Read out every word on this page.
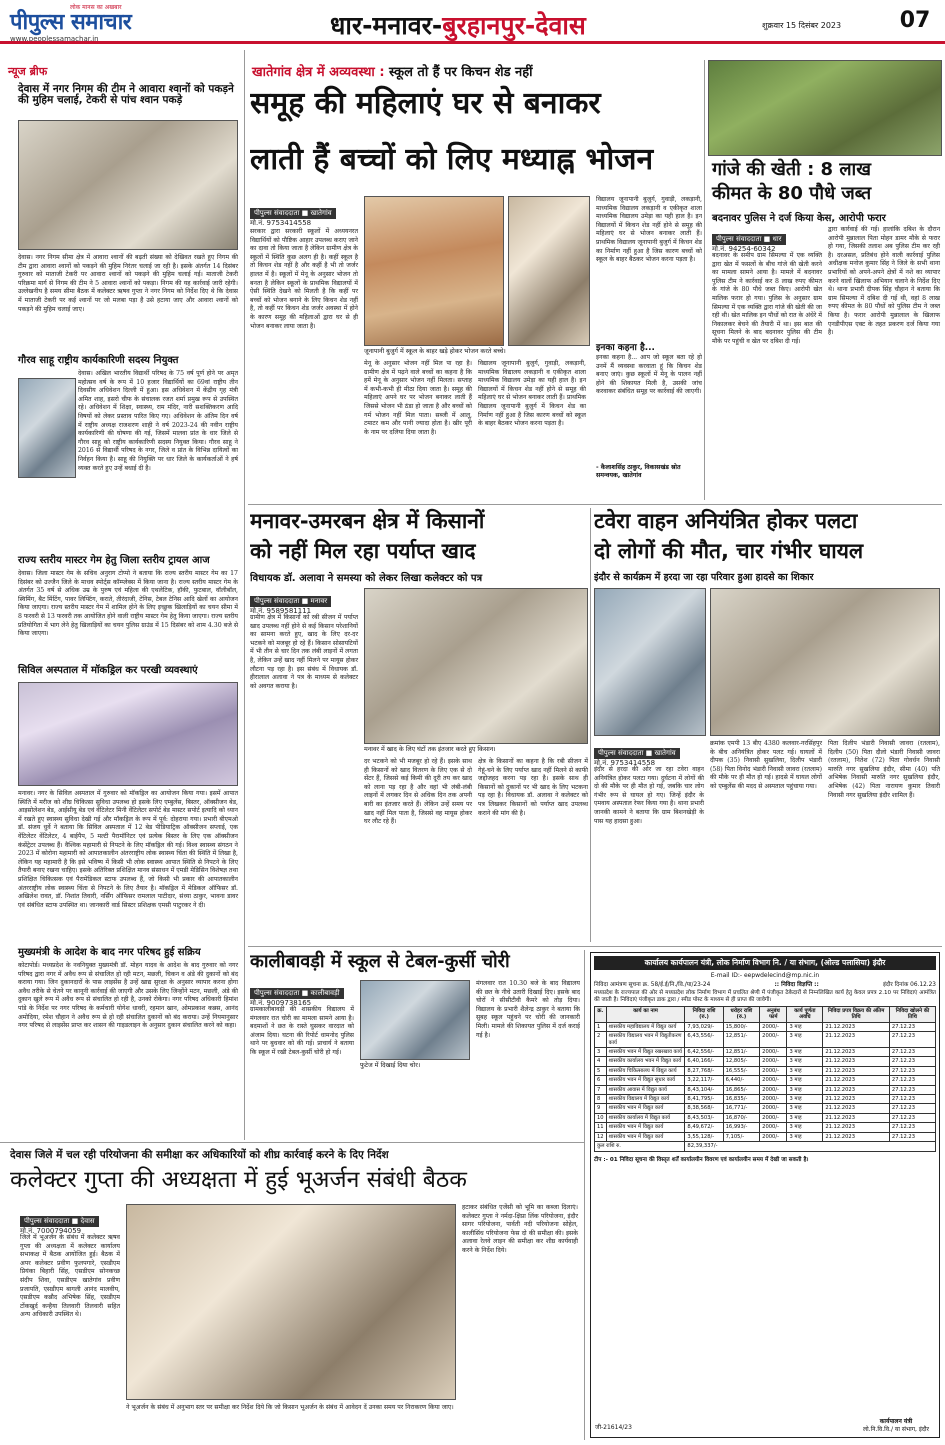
लोक मानस का अखबार
पीपुल्स समाचार
www.peoplessamachar.in	धार-मनावर-बुरहानपुर-देवास	शुक्रवार 15 दिसंबर 2023	07
न्यूज ब्रीफ
देवास में नगर निगम की टीम ने आवारा श्वानों को पकड़ने की मुहिम चलाई, टेकरी से पांच श्वान पकड़े
देवास। नगर निगम सीमा क्षेत्र में आवारा श्वानों की बढ़ती संख्या को देखिवत रखते हुए निगम की टीम द्वारा आवारा श्वानों को पकड़ने की मुहिम निरंतर चलाई जा रही है। इसके अंतर्गत 14 दिसंबर गुरुवार को माताजी टेकरी पर आवारा श्वानों को पकड़ने की मुहिम चलाई गई। माताजी टेकरी परिक्रमा मार्ग से निगम की टीम ने 5 आवारा श्वानों को पकड़ा। निगम की यह कार्रवाई जारी रहेगी। उल्लेखनीय है समय सीमा बैठक में कलेक्टर ऋषव गुप्ता ने नगर निगम को निर्देश दिए थे कि देवास में माताजी टेकरी पर कई श्वानों पर जो मलबा पड़ा है उसे हटाया जाए और आवारा श्वानों को पकड़ने की मुहिम चलाई जाए।
गौरव साहू राष्ट्रीय कार्यकारिणी सदस्य नियुक्त
देवास। अखिल भारतीय विद्यार्थी परिषद के 75 वर्ष पूर्ण होने पर अमृत महोत्सव वर्ष के रूप में 10 हजार विद्यार्थियों का 69वां राष्ट्रीय तीन दिवसीय अधिवेशन दिल्ली में हुआ। इस अधिवेशन में केंद्रीय गृह मंत्री अमित शाह, इसरो चीफ के संचालक रजत शर्मा प्रमुख रूप से उपस्थित रहे। अधिवेशन में शिक्षा, स्वास्थ्य, राम मंदिर, नारी सशक्तिकरण आदि विषयों को लेकर प्रस्ताव पारित किए गए। अधिवेशन के अंतिम दिन वर्ष में राष्ट्रीय अध्यक्ष राजशरण शाही ने वर्ष 2023-24 की नवीन राष्ट्रीय कार्यकारिणी की घोषणा की गई, जिसमें मालवा प्रांत के धार जिले से गौरव साहू को राष्ट्रीय कार्यकारिणी सदस्य नियुक्त किया। गौरव साहू ने 2016 से विद्यार्थी परिषद के नगर, जिले व प्रांत के विभिन्न दायित्वों का निर्वहन किया है। साहू की नियुक्ति पर धार जिले के कार्यकर्ताओं ने हर्ष व्यक्त करते हुए उन्हें बधाई दी है।
राज्य स्तरीय मास्टर गेम हेतु जिला स्तरीय ट्रायल आज
देवास। जिला मास्टर गेम के सचिव अनुराग टोप्पो ने बताया कि राज्य स्तरीय मास्टर गेम का 17 दिसंबर को उज्जैन जिले के माधव स्पोर्ट्स कॉम्प्लेक्स में किया जाना है। राज्य स्तरीय मास्टर गेम के अंतर्गत 35 वर्ष से अधिक उम्र के पुरुष एवं महिला की एथलेटिक, हॉकी, फुटबाल, वॉलीबॉल, स्विमिंग, बैट मिंटिंग, पावर लिफ्टिंग, कराते, तीरंदाजी, टेनिस, टेबल टेनिस आदि खेलों का आयोजन किया जाएगा। राज्य स्तरीय मास्टर गेम में शामिल होने के लिए इच्छुक खिलाड़ियों का चयन सीमा में 8 फरवरी से 13 फरवरी तक आयोजित होने वाली राष्ट्रीय मास्टर गेम हेतु किया जाएगा। राज्य स्तरीय प्रतियोगिता में भाग लेने हेतु खिलाड़ियों का चयन पुलिस ग्राउंड में 15 दिसंबर को शाम 4.30 बजे से किया जाएगा।
सिविल अस्पताल में मॉकड्रिल कर परखी व्यवस्थाएं
मनावर। नगर के सिविल अस्पताल में गुरुवार को मॉकड्रिल का आयोजन किया गया। इसमें आपात स्थिति में मरीज को शीघ्र चिकित्सा सुविधा उपलब्ध हो इसके लिए एम्बुलेंस, बिस्तर, ऑक्सीजन बेड, आइसोलेशन बेड, आईसीयू बेड एवं वेंटिलेटर मिनी वेंटिलेटर सपोर्ट बेड मास्टर सपोर्ट इत्यादि को ध्यान में रखते हुए स्वास्थ्य सुविधा देखी गई और मॉकड्रिल के रूप में पूर्व: दोहराया गया। प्रभारी बीएमओ डॉ. संजय धुर्वे ने बताया कि सिविल अस्पताल में 12 बेड पीडियाट्रिक ऑक्सीजन सप्लाई, एक वेंटिलेटर वेंटिलेटर, 4 बाईपैप, 5 मल्टी पैरामॉनिटर एवं प्रत्येक बिस्तर के लिए एक ऑक्सीजन कंसेंट्रेटर उपलब्ध हैं। वैश्विक महामारी से निपटने के लिए मॉकड्रिल की गई। विश्व स्वास्थ्य संगठन ने 2023 में कोरोना महामारी को आपातकालीन अंतरराष्ट्रीय लोक स्वास्थ्य चिंता की स्थिति में लिखा है, लेकिन यह महामारी है कि इसे भविष्य में किसी भी लोक स्वास्थ्य आपात स्थिति से निपटने के लिए तैयारी बनाए रखना चाहिए। इसके अतिरिक्त प्रशिक्षित मानव संसाधन में एमडी मेडिसिन विशेषज्ञ तथा प्रशिक्षित चिकित्सक एवं पैरामेडिकल स्टाफ उपलब्ध हैं, जो किसी भी प्रकार की आपातकालीन अंतरराष्ट्रीय लोक स्वास्थ्य चिंता से निपटने के लिए तैयार है। मॉकड्रिल में मेडिकल ऑफिसर डॉ. अखिलेश रावत, डॉ. निशांत तिवारी, नर्सिंग ऑफिसर रामलाल पाटीदार, संध्या ठाकुर, भावना डावर एवं संबंधित स्टाफ उपस्थित था। जानकारी वार्ड सिस्टर प्रशिक्षक एमसी पाटुरकर ने दी।
मुख्यमंत्री के आदेश के बाद नगर परिषद हुई सक्रिय
कोटापोर्ड। मध्यप्रदेश के नवनियुक्त मुख्यमंत्री डॉ. मोहन यादव के आदेश के बाद गुरुवार को नगर परिषद द्वारा नगर में अवैध रूप से संचालित हो रही मटन, मछली, चिकन व अंडे की दुकानों को बंद कराया गया। जिन दुकानदारों के पास लाइसेंस है उन्हें खाद्य सुरक्षा के अनुसार व्यापार करना होगा अवैध तरीके से चेतने पर कानूनी कार्रवाई की जाएगी और उसके लिए जिन्होंने मटन, मछली, अंडे की दुकान खुले रूप में अवैध रूप से संचालित हो रही है, उनको रोकेगा। नगर परिषद अधिकारी हिमांश पांडे के निर्देश पर नगर परिषद के कर्मचारी योगेश धावरी, रहमान खान, ओमप्रकाश कन्नस, आनंद अमोदिया, रमेश चौहान ने अवैध रूप से हो रही संचालित दुकानों को बंद कराया। उन्हें नियमानुसार नगर परिषद से लाइसेंस प्राप्त कर शासन की गाइडलाइन के अनुसार दुकान संचालित करने को कहा।
खातेगांव क्षेत्र में अव्यवस्था : स्कूल तो हैं पर किचन शेड नहीं
समूह की महिलाएं घर से बनाकर
लाती हैं बच्चों को लिए मध्याह्न भोजन
पीपुल्स संवाददाता ■ खातेगांव
मो.नं. 9753414558
सरकार द्वारा सरकारी स्कूलों में अध्ययनरत विद्यार्थियों को पौष्टिक आहार उपलब्ध कराए जाने का दावा तो किया जाता है लेकिन ग्रामीण क्षेत्र के स्कूलों में स्थिति कुछ अलग ही है। कहीं स्कूल है तो किचन शेड नहीं है और कहीं है भी तो जर्जर हालत में है। स्कूलों में मेनू के अनुसार भोजन तो बनता है लेकिन स्कूलों के प्राथमिक विद्यालयों में ऐसी स्थिति देखने को मिलती है कि कहीं पर बच्चों को भोजन बनाने के लिए किचन शेड नहीं है, तो कहीं पर किचन शेड जर्जर अवस्था में होने के कारण समूह की महिलाओं द्वारा घर से ही भोजन बनाकर लाया जाता है।
जूनापानी बुजुर्ग में स्कूल के बाहर खड़े होकर भोजन करते बच्चे।
मेनू के अनुसार भोजन नहीं मिल पा रहा है। ग्रामीण क्षेत्र में पढ़ने वाले बच्चों का कहना है कि हमें मेनू के अनुसार भोजन नहीं मिलता। सप्ताह में कभी-कभी ही मीठा दिया जाता है। समूह की महिलाएं अपने घर पर भोजन बनाकर लाती हैं जिससे भोजन भी ठंडा हो जाता है और बच्चों को गर्म भोजन नहीं मिल पाता। सब्जी में आलू, टमाटर कम और पानी ज्यादा होता है। खीर पूरी के नाम पर दलिया दिया जाता है।
विद्यालय जूनापानी बुजुर्ग, गुवाड़ी, लकड़ानी, माध्यमिक विद्यालय लकड़ानी व एकीकृत शाला माध्यमिक विद्यालय उमेड़ा का यही हाल है। इन विद्यालयों में किचन शेड नहीं होने से समूह की महिलाएं घर से भोजन बनाकर लाती हैं। प्राथमिक विद्यालय जूनापानी बुजुर्ग में किचन शेड का निर्माण नहीं हुआ है जिस कारण बच्चों को स्कूल के बाहर बैठकर भोजन करना पड़ता है।
विद्यालय जूनापानी बुजुर्ग, गुवाड़ी, लकड़ानी, माध्यमिक विद्यालय लकड़ानी व एकीकृत शाला माध्यमिक विद्यालय उमेड़ा का यही हाल है। इन विद्यालयों में किचन शेड नहीं होने से समूह की महिलाएं घर से भोजन बनाकर लाती हैं। प्राथमिक विद्यालय जूनापानी बुजुर्ग में किचन शेड का निर्माण नहीं हुआ है जिस कारण बच्चों को स्कूल के बाहर बैठकर भोजन करना पड़ता है।
इनका कहना है...
इनका कहना है... आप जो स्कूल बता रहे हो उनमें मैं व्यवस्था करवाता हूं कि किचन शेड बनाए जाएं। कुछ स्कूलों में मेनू के पालन नहीं होने की शिकायत मिली है, उसकी जांच करवाकर संबंधित समूह पर कार्रवाई की जाएगी।
- कैलाशसिंह ठाकुर, विकासखंड स्रोत समन्वयक, खातेगांव
गांजे की खेती : 8 लाख
कीमत के 80 पौधे जब्त
बदनावर पुलिस ने दर्ज किया केस, आरोपी फरार
पीपुल्स संवाददाता ■ धार
मो.नं. 94254-60342
बदनावर के समीप ग्राम सिमल्या में एक व्यक्ति द्वारा खेत में फसलों के बीच गांजे की खेती करने का मामला सामने आया है। मामले में बदनावर पुलिस टीम ने कार्रवाई कर 8 लाख रुपए कीमत के गांजे के 80 पौधे जब्त किए। आरोपी खेत मालिक फरार हो गया। पुलिस के अनुसार ग्राम सिमल्या में एक व्यक्ति द्वारा गांजे की खेती की जा रही थी। खेत मालिक इन पौधों को रात के अंधेरे में निकालकर बेचने की तैयारी में था। इस बात की सूचना मिलने के बाद बदनावर पुलिस की टीम मौके पर पहुंची व खेत पर दबिश दी गई।
द्वारा कार्रवाई की गई। हालांकि दबिश के दौरान आरोपी मुन्नालाल पिता मोहन डामर मौके से फरार हो गया, जिसकी तलाश अब पुलिस टीम कर रही है। दरअसल, प्रतिबंध होने वाली कार्रवाई पुलिस अधीक्षक मनोज कुमार सिंह ने जिले के सभी थाना प्रभारियों को अपने-अपने क्षेत्रों में नशे का व्यापार करने वालों खिलाफ अभियान चलाने के निर्देश दिए थे। थाना प्रभारी दीपक सिंह चौहान ने बताया कि ग्राम सिमल्या में दबिश दी गई थी, वहां 8 लाख रुपए कीमत के 80 पौधों को पुलिस टीम ने जब्त किया है। फरार आरोपी मुन्नालाल के खिलाफ एनडीपीएस एक्ट के तहत प्रकरण दर्ज किया गया है।
मनावर-उमरबन क्षेत्र में किसानों
को नहीं मिल रहा पर्याप्त खाद
विधायक डॉ. अलावा ने समस्या को लेकर लिखा कलेक्टर को पत्र
पीपुल्स संवाददाता ■ मनावर
मो.नं. 9589581111
ग्रामीण क्षेत्र में किसानों को रबी सीजन में पर्याप्त खाद उपलब्ध नहीं होने से कई किसान परेशानियों का सामना करते हुए, खाद के लिए दर-दर भटकने को मजबूर हो रहे हैं। किसान सोसायटियों में भी तीन से चार दिन तक लंबी लाइनों में लगता है, लेकिन उन्हें खाद नहीं मिलने पर मायूस होकर लौटना पड़ रहा है। इस संबंध में विधायक डॉ. हीरालाल अलावा ने पत्र के माध्यम से कलेक्टर को अवगत कराया है।
मनावर में खाद के लिए घंटों तक इंतजार करते हुए किसान।
दर भटकने को भी मजबूर हो रहे हैं। इसके साथ ही किसानों को खाद वितरण के लिए एक से दो सेंटर हैं, जिससे कई किमी की दूरी तय कर खाद को लाना पड़ रहा है और वहां भी लंबी-लंबी लाइनों में लगकर दिन से अधिक दिन तक अपनी बारी का इंतजार करते हैं। लेकिन उन्हें समय पर खाद नहीं मिल पाता है, जिससे वह मायूस होकर घर लौट रहे हैं।
क्षेत्र के किसानों का कहना है कि रबी सीजन में गेहूं-चने के लिए पर्याप्त खाद नहीं मिलने से काफी जद्दोजहद करना पड़ रहा है। इसके साथ ही किसानों को दुकानों पर भी खाद के लिए भटकना पड़ रहा है। विधायक डॉ. अलावा ने कलेक्टर को पत्र लिखकर किसानों को पर्याप्त खाद उपलब्ध कराने की मांग की है।
टवेरा वाहन अनियंत्रित होकर पलटा
दो लोगों की मौत, चार गंभीर घायल
इंदौर से कार्यक्रम में हरदा जा रहा परिवार हुआ हादसे का शिकार
पीपुल्स संवाददाता ■ खातेगांव
मो.नं. 9753414558
इंदौर से हरदा की ओर जा रहा टवेरा वाहन अनियंत्रित होकर पलटा गया। दुर्घटना में लोगों की दो की मौके पर ही मौत हो गई, जबकि चार लोग गंभीर रूप से घायल हो गए। जिन्हें इंदौर के एमवाय अस्पताल रेफर किया गया है। थाना प्रभारी जानकी कामने ने बताया कि ग्राम बिशनखेड़ी के पास यह हादसा हुआ।
क्रमांक एमपी 13 बीए 4380 कलवार-नरसिंहपुर के बीच अनियंत्रित होकर पलट गई। घायलों में दीपक (35) निवासी सुखलिया, दिलीप भंडारी (58) पिता विनोद भंडारी निवासी जावरा (रतलाम) की मौके पर ही मौत हो गई। हादसे में घायल लोगों को एम्बुलेंस की मदद से अस्पताल पहुंचाया गया।
पिता दिलीप भंडारी निवासी जावरा (रतलाम), दिलीप (50) पिता दौलो भंडारी निवासी जावरा (रतलाम), नितेश (72) पिता गोवर्धन निवासी मारुति नगर सुखलिया इंदौर, सीमा (40) पति अभिषेक निवासी मारुति नगर सुखलिया इंदौर, अभिषेक (42) पिता नारायण कुमार तिवारी निवासी नगर सुखलिया इंदौर शामिल हैं।
कालीबावड़ी में स्कूल से टेबल-कुर्सी चोरी
पीपुल्स संवाददाता ■ कालीबावड़ी
मो.नं. 9009738165
ग्रामकालीबावड़ी की शासकीय विद्यालय में मंगलवार रात चोरी का मामला सामने आया है। बदमाशों ने छत के रास्ते घुसकर वारदात को अंजाम दिया। घटना की रिपोर्ट धामनोद पुलिस थाने पर बुधवार को की गई। प्राचार्य ने बताया कि स्कूल में रखी टेबल-कुर्सी चोरी हो गई।
फुटेज में दिखाई दिया चोर।
मंगलवार रात 10.30 बजे के बाद विद्यालय की छत के नीचे उतारी दिखाई दिए। इसके बाद चोरों ने सीसीटीवी कैमरे को तोड़ दिया। विद्यालय के प्रभारी शैलेन्द्र ठाकुर ने बताया कि सुबह स्कूल पहुंचने पर चोरी की जानकारी मिली। मामले की शिकायत पुलिस में दर्ज कराई गई है।
कार्यालय कार्यपालन यंत्री, लोक निर्माण विभाग नि. / या संभाग, (ओल्ड पलासिया) इंदौर
E-mail ID:- eepwdelecind@mp.nic.in
निविदा आमंत्रण सूचना क्र. 58/ई.ई/नि./वि./या/23-24	:: निविदा विज्ञप्ति ::	इंदौर दिनांक 06.12.23
मध्यप्रदेश के राज्यपाल की ओर से मध्यप्रदेश लोक निर्माण विभाग में प्रचलित श्रेणी में पंजीकृत ठेकेदारों से निम्नलिखित कार्य हेतु केवल प्रपत्र 2.10 पर निविदाएं आमंत्रित की जाती है। निविदाएं पंजीकृत डाक द्वारा / स्पीड पोस्ट के माध्यम से ही प्राप्त की जावेगी।
क्र.	कार्य का नाम	निविदा राशि (रु.)	धरोहर राशि (रु.)	अनुबंध फार्म	कार्य पूर्णता अवधि	निविदा प्रपत्र विक्रय की अंतिम तिथि	निविदा खोलने की तिथि
1	शासकीय महाविद्यालय में विद्युत कार्य	7,93,029/-	15,800/-	2000/-	3 माह	21.12.2023	27.12.23
2	शासकीय विद्यालय भवन में विद्युतीकरण कार्य	6,43,556/-	12,851/-	2000/-	3 माह	21.12.2023	27.12.23
3	शासकीय भवन में विद्युत रखरखाव कार्य	6,42,556/-	12,851/-	2000/-	3 माह	21.12.2023	27.12.23
4	शासकीय कार्यालय भवन में विद्युत कार्य	6,40,166/-	12,805/-	2000/-	3 माह	21.12.2023	27.12.23
5	शासकीय चिकित्सालय में विद्युत कार्य	8,27,768/-	16,555/-	2000/-	3 माह	21.12.2023	27.12.23
6	शासकीय भवन में विद्युत सुधार कार्य	3,22,117/-	6,440/-	2000/-	3 माह	21.12.2023	27.12.23
7	शासकीय आवास में विद्युत कार्य	8,43,104/-	16,865/-	2000/-	3 माह	21.12.2023	27.12.23
8	शासकीय विद्यालय में विद्युत कार्य	8,41,795/-	16,835/-	2000/-	3 माह	21.12.2023	27.12.23
9	शासकीय भवन में विद्युत कार्य	8,38,568/-	16,771/-	2000/-	3 माह	21.12.2023	27.12.23
10	शासकीय कार्यालय में विद्युत कार्य	8,43,503/-	16,870/-	2000/-	3 माह	21.12.2023	27.12.23
11	शासकीय भवन में विद्युत कार्य	8,49,672/-	16,993/-	2000/-	3 माह	21.12.2023	27.12.23
12	शासकीय भवन में विद्युत कार्य	3,55,128/-	7,105/-	2000/-	3 माह	21.12.2023	27.12.23
कुल राशि रु.		82,39,337/-					
टीप :- 01 निविदा सूचना की विस्तृत शर्तें कार्यालयीन विवरण एवं कार्यालयीन समय में देखी जा सकती है।
जी-21614/23
कार्यपालन यंत्री
लो.नि.वि.वि./ या संभाग, इंदौर
देवास जिले में चल रही परियोजना की समीक्षा कर अधिकारियों को शीघ्र कार्रवाई करने के दिए निर्देश
कलेक्टर गुप्ता की अध्यक्षता में हुई भूअर्जन संबंधी बैठक
पीपुल्स संवाददाता ■ देवास
मो.नं. 7000794059
जिले में भूअर्जन के संबंध में कलेक्टर ऋषव गुप्ता की अध्यक्षता में कलेक्टर कार्यालय सभाकक्ष में बैठक आयोजित हुई। बैठक में अपर कलेक्टर प्रवीण फुलपगारे, एसडीएम प्रियंका बिहारी सिंह, एसडीएम सोनकच्छ संदीप शिवा, एसडीएम खातेगांव प्रवीण प्रजापति, एसडीएम बागली आनंद मालवीय, एसडीएम कन्नौद अभिषेक सिंह, एसडीएम टोंकखुर्द कन्हैया तिलवारी तिलवारी सहित अन्य अधिकारी उपस्थित थे।
ने भूअर्जन के संबंध में अनुभाग स्तर पर समीक्षा कर निर्देश दिये कि जो किसान भूअर्जन के संबंध में आवेदन दें उनका समय पर निराकरण किया जाए।
हटाकर संबंधित एजेंसी को भूमि का कब्जा दिलाएं। कलेक्टर गुप्ता ने नर्मदा-क्षिप्रा लिंक परियोजना, इंदौर सागर परियोजना, पार्वती नदी परियोजना सोहेल, कालीसिंध परियोजना फेस दो की समीक्षा की। इसके अलावा रेलवे लाइन की समीक्षा कर शीघ्र कार्यवाही करने के निर्देश दिये।
